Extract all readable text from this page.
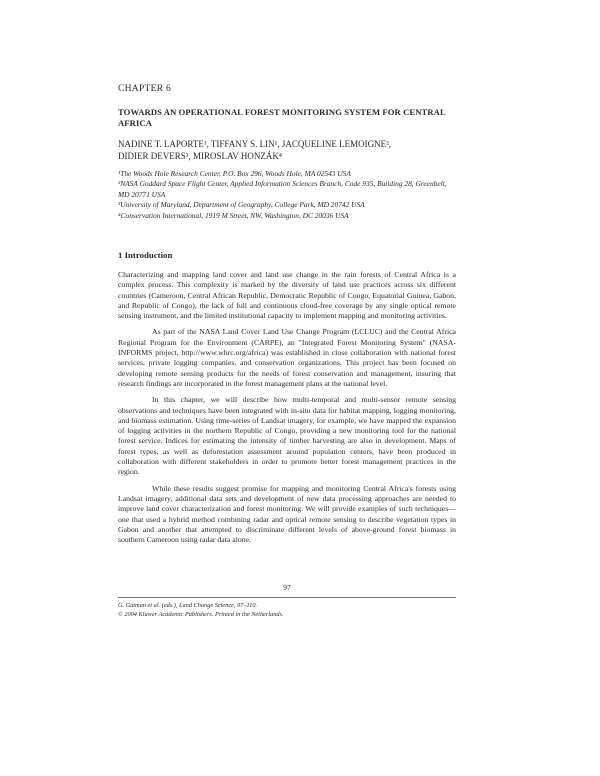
CHAPTER 6
TOWARDS AN OPERATIONAL FOREST MONITORING SYSTEM FOR CENTRAL AFRICA
NADINE T. LAPORTE¹, TIFFANY S. LIN¹, JACQUELINE LEMOIGNE²,
DIDIER DEVERS³, MIROSLAV HONZÁK⁴

¹The Woods Hole Research Center, P.O. Box 296, Woods Hole, MA 02543 USA

²NASA Goddard Space Flight Center, Applied Information Sciences Branch, Code 935, Building 28, Greenbelt, MD 20771 USA

³University of Maryland, Department of Geography, College Park, MD 20742 USA

⁴Conservation International, 1919 M Street, NW, Washington, DC 20036 USA

1 Introduction

Characterizing and mapping land cover and land use change in the rain forests of Central Africa is a complex process. This complexity is marked by the diversity of land use practices across six different countries (Cameroon, Central African Republic, Democratic Republic of Congo, Equatorial Guinea, Gabon, and Republic of Congo), the lack of full and continuous cloud-free coverage by any single optical remote sensing instrument, and the limited institutional capacity to implement mapping and monitoring activities.

As part of the NASA Land Cover Land Use Change Program (LCLUC) and the Central Africa Regional Program for the Environment (CARPE), an "Integrated Forest Monitoring System" (NASA-INFORMS project, http://www.whrc.org/africa) was established in close collaboration with national forest services, private logging companies, and conservation organizations. This project has been focused on developing remote sensing products for the needs of forest conservation and management, insuring that research findings are incorporated in the forest management plans at the national level.

In this chapter, we will describe how multi-temporal and multi-sensor remote sensing observations and techniques have been integrated with in-situ data for habitat mapping, logging monitoring, and biomass estimation. Using time-series of Landsat imagery, for example, we have mapped the expansion of logging activities in the northern Republic of Congo, providing a new monitoring tool for the national forest service. Indices for estimating the intensity of timber harvesting are also in development. Maps of forest types, as well as deforestation assessment around population centers, have been produced in collaboration with different stakeholders in order to promote better forest management practices in the region.

While these results suggest promise for mapping and monitoring Central Africa's forests using Landsat imagery, additional data sets and development of new data processing approaches are needed to improve land cover characterization and forest monitoring. We will provide examples of such techniques—one that used a hybrid method combining radar and optical remote sensing to describe vegetation types in Gabon and another that attempted to discriminate different levels of above-ground forest biomass in southern Cameroon using radar data alone.

97

G. Gutman et al. (eds.), Land Change Science, 97–110.

© 2004 Kluwer Academic Publishers. Printed in the Netherlands.
